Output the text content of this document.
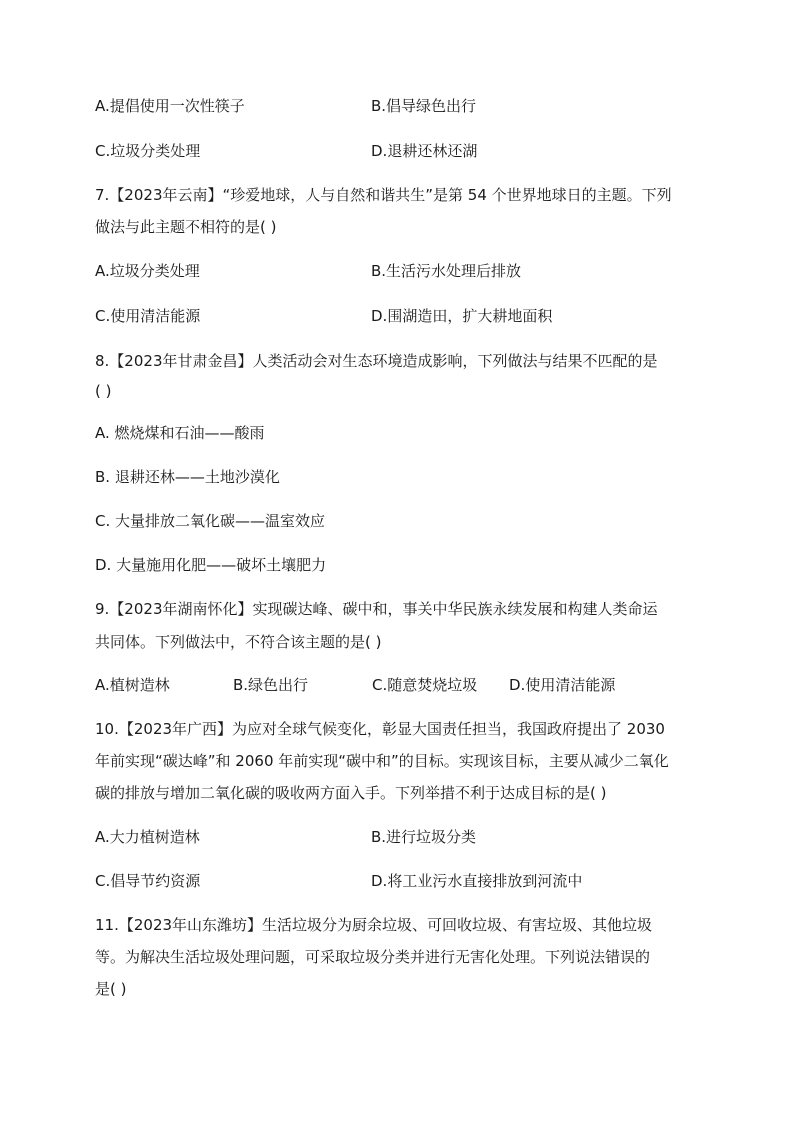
A.提倡使用一次性筷子	B.倡导绿色出行
C.垃圾分类处理	D.退耕还林还湖
7.【2023年云南】“珍爱地球，人与自然和谐共生”是第 54 个世界地球日的主题。下列
做法与此主题不相符的是( )
A.垃圾分类处理	B.生活污水处理后排放
C.使用清洁能源	D.围湖造田，扩大耕地面积
8.【2023年甘肃金昌】人类活动会对生态环境造成影响，下列做法与结果不匹配的是
( )
A. 燃烧煤和石油——酸雨
B. 退耕还林——土地沙漠化
C. 大量排放二氧化碳——温室效应
D. 大量施用化肥——破坏土壤肥力
9.【2023年湖南怀化】实现碳达峰、碳中和，事关中华民族永续发展和构建人类命运
共同体。下列做法中，不符合该主题的是( )
A.植树造林	B.绿色出行	C.随意焚烧垃圾 D.使用清洁能源
10.【2023年广西】为应对全球气候变化，彰显大国责任担当，我国政府提出了 2030
年前实现“碳达峰”和 2060 年前实现“碳中和”的目标。实现该目标，主要从减少二氧化
碳的排放与增加二氧化碳的吸收两方面入手。下列举措不利于达成目标的是( )
A.大力植树造林	B.进行垃圾分类
C.倡导节约资源	D.将工业污水直接排放到河流中
11.【2023年山东潍坊】生活垃圾分为厨余垃圾、可回收垃圾、有害垃圾、其他垃圾
等。为解决生活垃圾处理问题，可采取垃圾分类并进行无害化处理。下列说法错误的
是( )
